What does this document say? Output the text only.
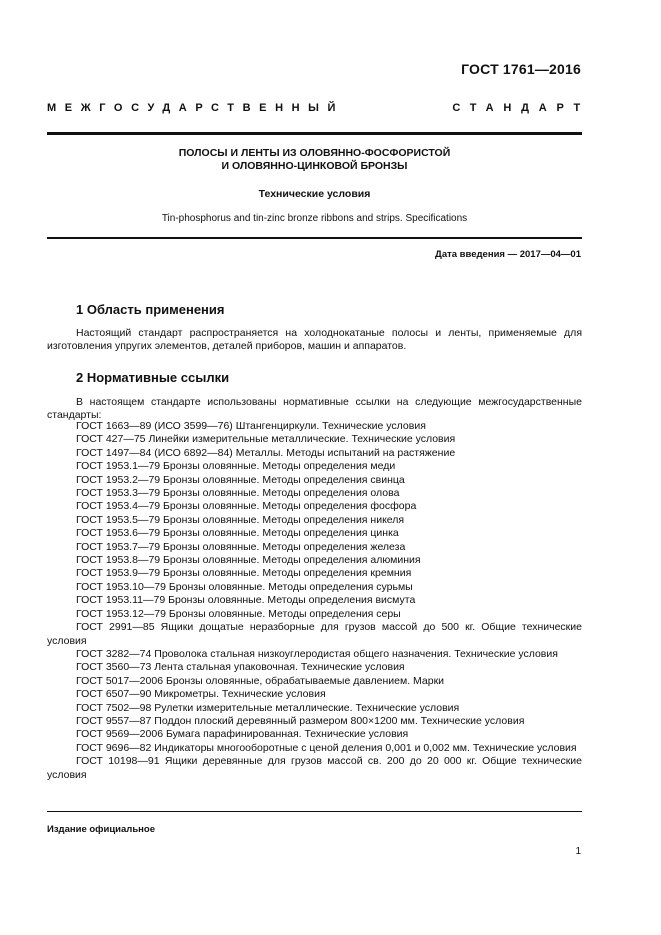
ГОСТ 1761—2016
МЕЖГОСУДАРСТВЕННЫЙ	СТАНДАРТ
ПОЛОСЫ И ЛЕНТЫ ИЗ ОЛОВЯННО-ФОСФОРИСТОЙ
И ОЛОВЯННО-ЦИНКОВОЙ БРОНЗЫ
Технические условия
Tin-phosphorus and tin-zinc bronze ribbons and strips. Specifications
Дата введения — 2017—04—01
1 Область применения
Настоящий стандарт распространяется на холоднокатаные полосы и ленты, применяемые для изготовления упругих элементов, деталей приборов, машин и аппаратов.
2 Нормативные ссылки
В настоящем стандарте использованы нормативные ссылки на следующие межгосударственные стандарты:

ГОСТ 1663—89 (ИСО 3599—76) Штангенциркули. Технические условия

ГОСТ 427—75 Линейки измерительные металлические. Технические условия

ГОСТ 1497—84 (ИСО 6892—84) Металлы. Методы испытаний на растяжение

ГОСТ 1953.1—79 Бронзы оловянные. Методы определения меди

ГОСТ 1953.2—79 Бронзы оловянные. Методы определения свинца

ГОСТ 1953.3—79 Бронзы оловянные. Методы определения олова

ГОСТ 1953.4—79 Бронзы оловянные. Методы определения фосфора

ГОСТ 1953.5—79 Бронзы оловянные. Методы определения никеля

ГОСТ 1953.6—79 Бронзы оловянные. Методы определения цинка

ГОСТ 1953.7—79 Бронзы оловянные. Методы определения железа

ГОСТ 1953.8—79 Бронзы оловянные. Методы определения алюминия

ГОСТ 1953.9—79 Бронзы оловянные. Методы определения кремния

ГОСТ 1953.10—79 Бронзы оловянные. Методы определения сурьмы

ГОСТ 1953.11—79 Бронзы оловянные. Методы определения висмута

ГОСТ 1953.12—79 Бронзы оловянные. Методы определения серы

ГОСТ 2991—85 Ящики дощатые неразборные для грузов массой до 500 кг. Общие технические условия

ГОСТ 3282—74 Проволока стальная низкоуглеродистая общего назначения. Технические условия

ГОСТ 3560—73 Лента стальная упаковочная. Технические условия

ГОСТ 5017—2006 Бронзы оловянные, обрабатываемые давлением. Марки

ГОСТ 6507—90 Микрометры. Технические условия

ГОСТ 7502—98 Рулетки измерительные металлические. Технические условия

ГОСТ 9557—87 Поддон плоский деревянный размером 800×1200 мм. Технические условия

ГОСТ 9569—2006 Бумага парафинированная. Технические условия

ГОСТ 9696—82 Индикаторы многооборотные с ценой деления 0,001 и 0,002 мм. Технические условия

ГОСТ 10198—91 Ящики деревянные для грузов массой св. 200 до 20 000 кг. Общие технические условия

Издание официальное
1
